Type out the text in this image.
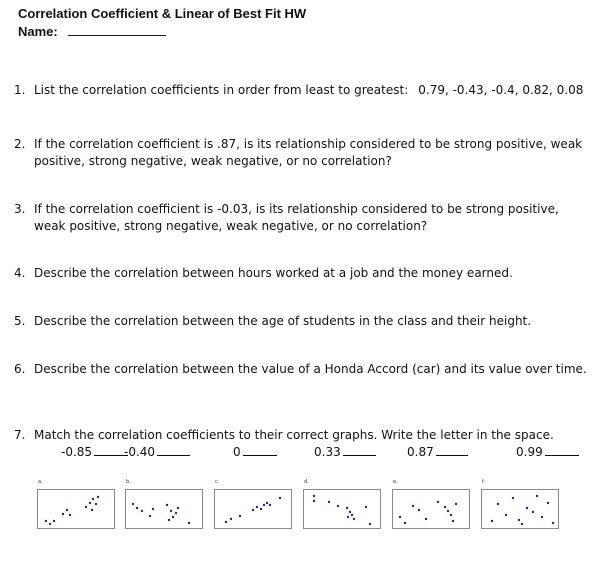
Correlation Coefficient & Linear of Best Fit HW
Name:
1. List the correlation coefficients in order from least to greatest: 0.79, -0.43, -0.4, 0.82, 0.08
2. If the correlation coefficient is .87, is its relationship considered to be strong positive, weak positive, strong negative, weak negative, or no correlation?
3. If the correlation coefficient is -0.03, is its relationship considered to be strong positive, weak positive, strong negative, weak negative, or no correlation?
4. Describe the correlation between hours worked at a job and the money earned.
5. Describe the correlation between the age of students in the class and their height.
6. Describe the correlation between the value of a Honda Accord (car) and its value over time.
7. Match the correlation coefficients to their correct graphs. Write the letter in the space.
-0.85	-0.40	0	0.33	0.87	0.99
a.	b.	c.	d.	e.	f.
